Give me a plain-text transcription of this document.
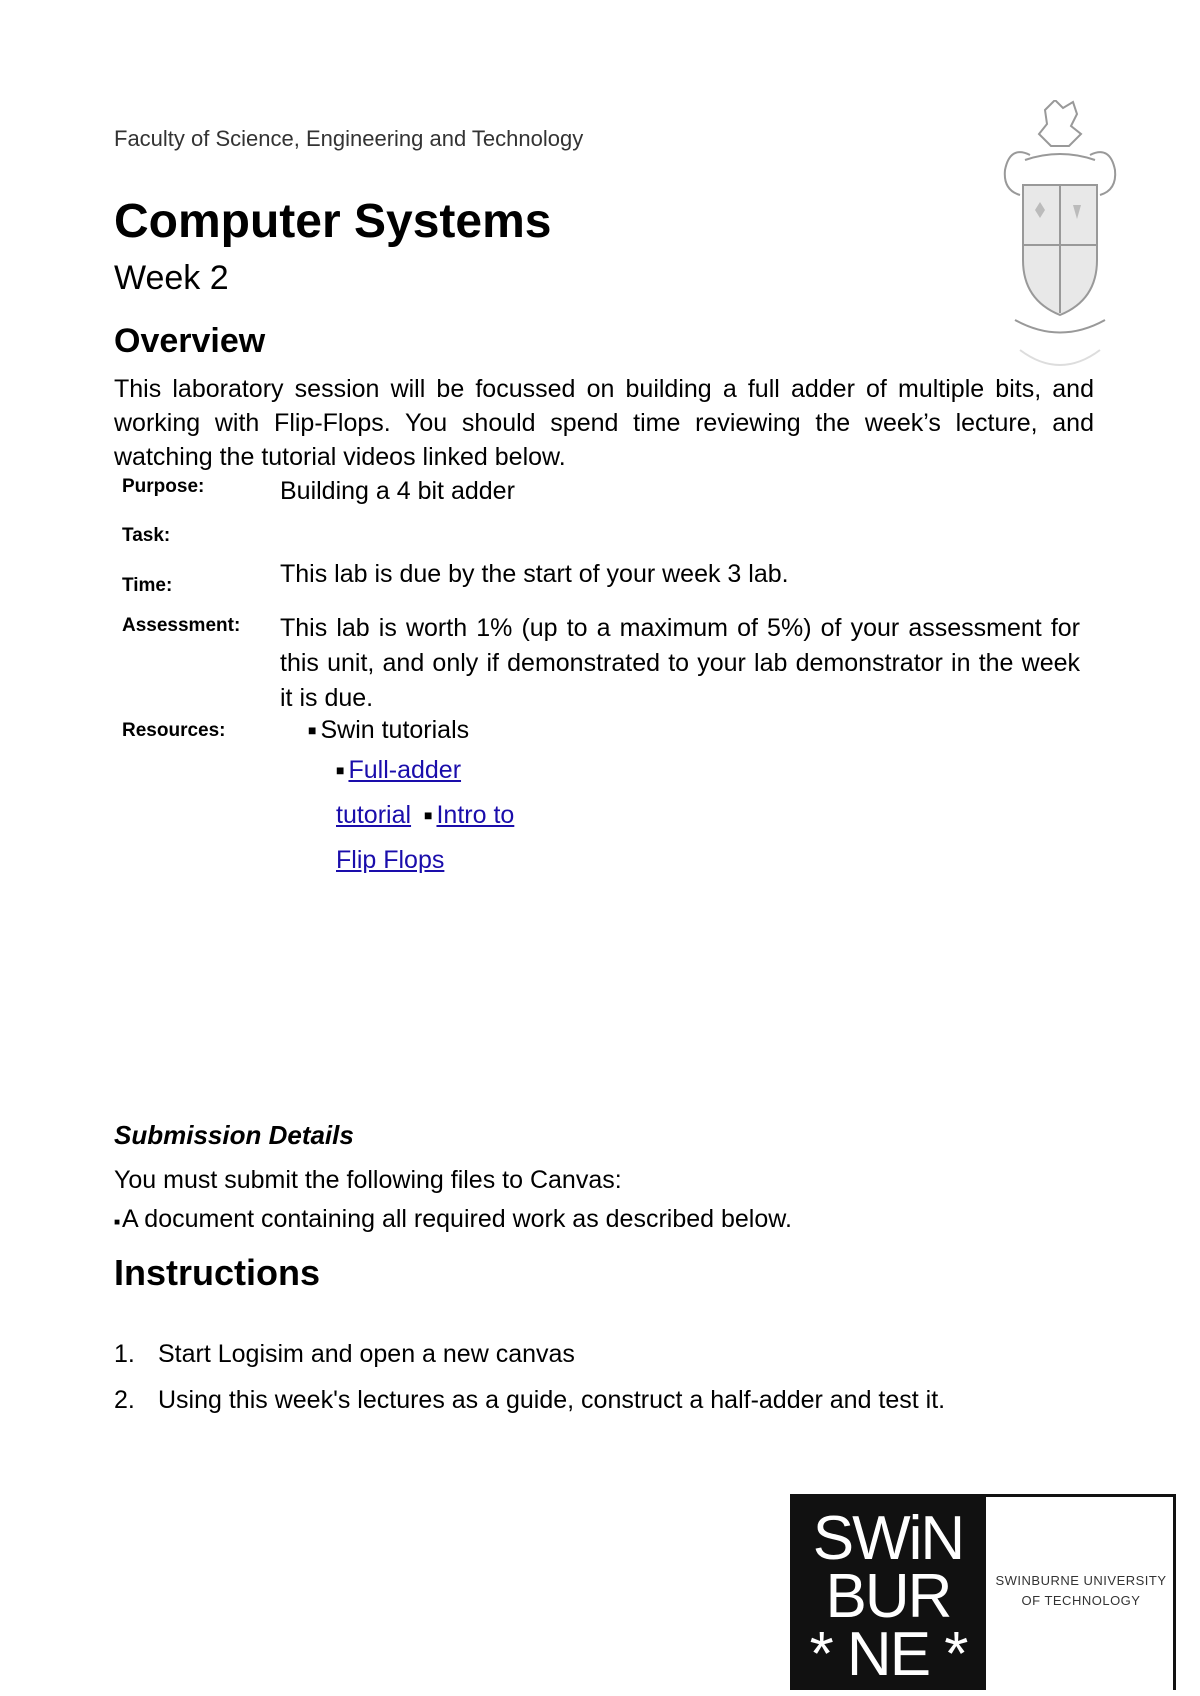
Faculty of Science, Engineering and Technology
Computer Systems
Week 2
Overview

This laboratory session will be focussed on building a full adder of multiple bits, and working with Flip-Flops. You should spend time reviewing the week’s lecture, and watching the tutorial videos linked below.

Purpose:	Building a 4 bit adder
Task:
Time:	This lab is due by the start of your week 3 lab.
Assessment: This lab is worth 1% (up to a maximum of 5%) of your assessment for this unit, and only if demonstrated to your lab demonstrator in the week it is due.

Resources:	■ Swin tutorials
■ Full-adder
tutorial ■ Intro to
Flip Flops
Submission Details
You must submit the following files to Canvas:
■A document containing all required work as described below.
Instructions
1. Start Logisim and open a new canvas
2. Using this week's lectures as a guide, construct a half-adder and test it.
SWiN
BUR
* NE *
SWINBURNE UNIVERSITY
OF TECHNOLOGY
